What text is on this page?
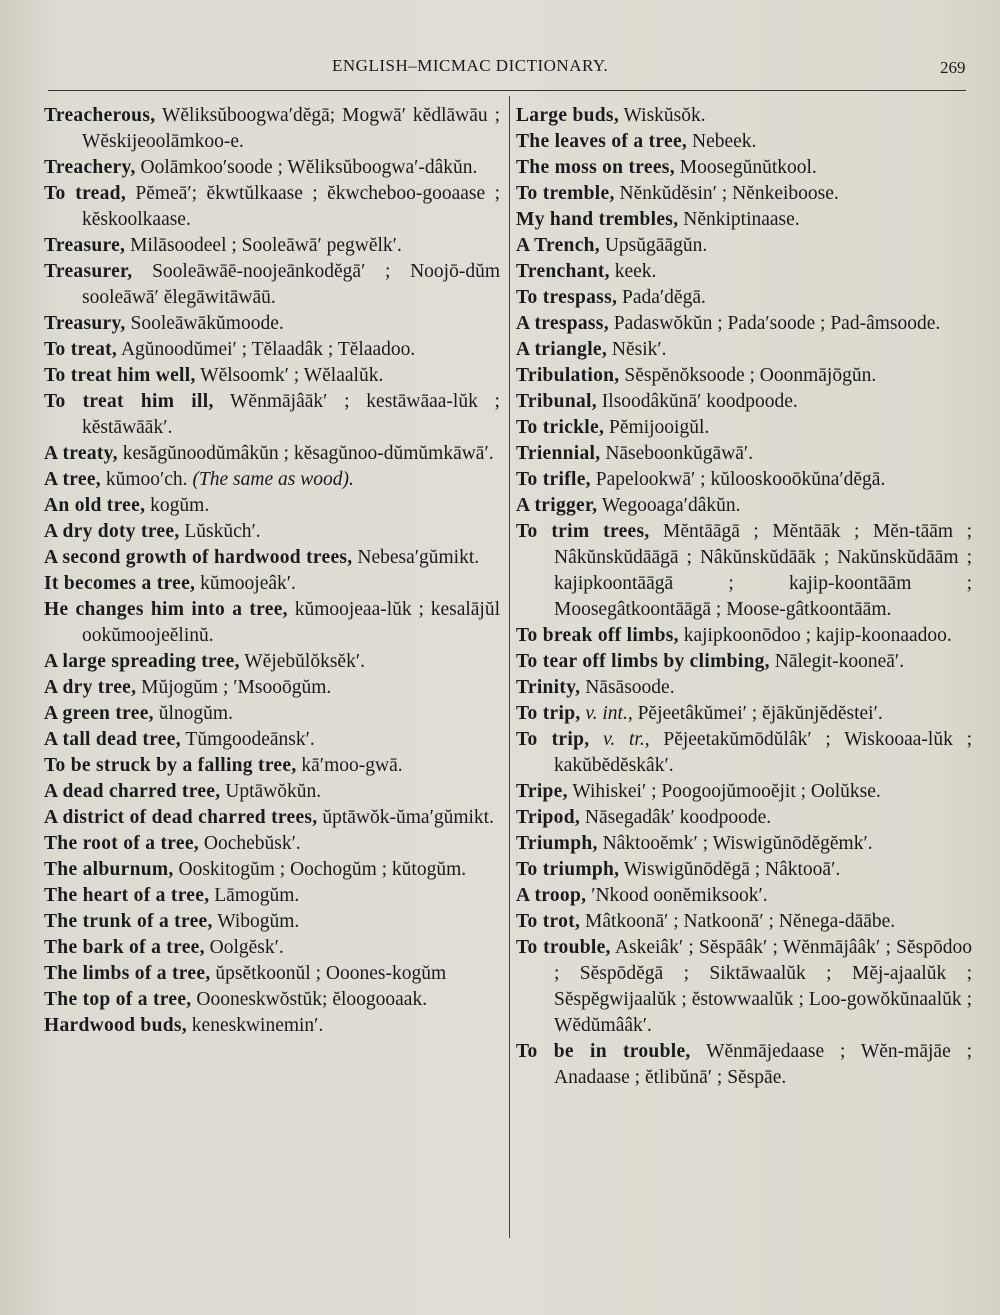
ENGLISH–MICMAC DICTIONARY.	269

Treacherous, Wĕliksŭboogwa′dĕgā; Mogwā′ kĕdlāwāu ; Wĕskijeoolāmkoo-e.

Treachery, Oolāmkoo′soode ; Wĕliksŭboogwa′-dâkŭn.

To tread, Pĕmeā′; ĕkwtŭlkaase ; ĕkwcheboo-gooaase ; kĕskoolkaase.

Treasure, Milāsoodeel ; Sooleāwā′ pegwĕlk′.

Treasurer, Sooleāwāē-noojeānkodĕgā′ ; Noojō-dŭm sooleāwā′ ĕlegāwitāwāū.

Treasury, Sooleāwākŭmoode.

To treat, Agŭnoodŭmei′ ; Tĕlaadâk ; Tĕlaadoo.

To treat him well, Wĕlsoomk′ ; Wĕlaalŭk.

To treat him ill, Wĕnmājâāk′ ; kestāwāaa-lŭk ; kĕstāwāāk′.

A treaty, kesăgŭnoodŭmâkŭn ; kĕsagŭnoo-dŭmŭmkāwā′.

A tree, kŭmoo′ch. (The same as wood).

An old tree, kogŭm.

A dry doty tree, Lŭskŭch′.

A second growth of hardwood trees, Nebesa′gŭmikt.

It becomes a tree, kŭmoojeâk′.

He changes him into a tree, kŭmoojeaa-lŭk ; kesalājŭl ookŭmoojeĕlinŭ.

A large spreading tree, Wĕjebŭlŏksĕk′.

A dry tree, Mŭjogŭm ; ′Msooōgŭm.

A green tree, ŭlnogŭm.

A tall dead tree, Tŭmgoodeānsk′.

To be struck by a falling tree, kā′moo-gwā.

A dead charred tree, Uptāwŏkŭn.

A district of dead charred trees, ŭptāwŏk-ŭma′gŭmikt.

The root of a tree, Oochebŭsk′.

The alburnum, Ooskitogŭm ; Oochogŭm ; kŭtogŭm.

The heart of a tree, Lāmogŭm.

The trunk of a tree, Wibogŭm.

The bark of a tree, Oolgĕsk′.

The limbs of a tree, ŭpsĕtkoonŭl ; Ooones-kogŭm

The top of a tree, Oooneskwŏstŭk; ĕloogooaak.

Hardwood buds, keneskwinemin′.

Large buds, Wiskŭsŏk.

The leaves of a tree, Nebeek.

The moss on trees, Moosegŭnŭtkool.

To tremble, Nĕnkŭdĕsin′ ; Nĕnkeiboose.

My hand trembles, Nĕnkiptinaase.

A Trench, Upsŭgāāgŭn.

Trenchant, keek.

To trespass, Pada′dĕgā.

A trespass, Padaswŏkŭn ; Pada′soode ; Pad-âmsoode.

A triangle, Nĕsik′.

Tribulation, Sĕspĕnŏksoode ; Ooonmājōgŭn.

Tribunal, Ilsoodâkŭnā′ koodpoode.

To trickle, Pĕmijooigŭl.

Triennial, Nāseboonkŭgāwā′.

To trifle, Papelookwā′ ; kŭlooskooōkŭna′dĕgā.

A trigger, Wegooaga′dâkŭn.

To trim trees, Mĕntāāgā ; Mĕntāāk ; Mĕn-tāām ; Nâkŭnskŭdāāgā ; Nâkŭnskŭdāāk ; Nakŭnskŭdāām ; kajipkoontāāgā ; kajip-koontāām ; Moosegâtkoontāāgā ; Moose-gâtkoontāām.

To break off limbs, kajipkoonōdoo ; kajip-koonaadoo.

To tear off limbs by climbing, Nālegit-kooneā′.

Trinity, Nāsāsoode.

To trip, v. int., Pĕjeetâkŭmei′ ; ĕjākŭnjĕdĕstei′.

To trip, v. tr., Pĕjeetakŭmōdŭlâk′ ; Wiskooaa-lŭk ; kakŭbĕdĕskâk′.

Tripe, Wihiskei′ ; Poogoojŭmooĕjit ; Oolŭkse.

Tripod, Nāsegadâk′ koodpoode.

Triumph, Nâktooĕmk′ ; Wiswigŭnōdĕgĕmk′.

To triumph, Wiswigŭnōdĕgā ; Nâktooā′.

A troop, ′Nkood oonĕmiksook′.

To trot, Mâtkoonā′ ; Natkoonā′ ; Nĕnega-dāābe.

To trouble, Askeiâk′ ; Sĕspāâk′ ; Wĕnmājââk′ ; Sĕspōdoo ; Sĕspōdĕgā ; Siktāwaalŭk ; Mĕj-ajaalŭk ; Sĕspĕgwijaalŭk ; ĕstowwaalŭk ; Loo-gowŏkŭnaalŭk ; Wĕdŭmââk′.

To be in trouble, Wĕnmājedaase ; Wĕn-mājāe ; Anadaase ; ĕtlibŭnā′ ; Sĕspāe.
